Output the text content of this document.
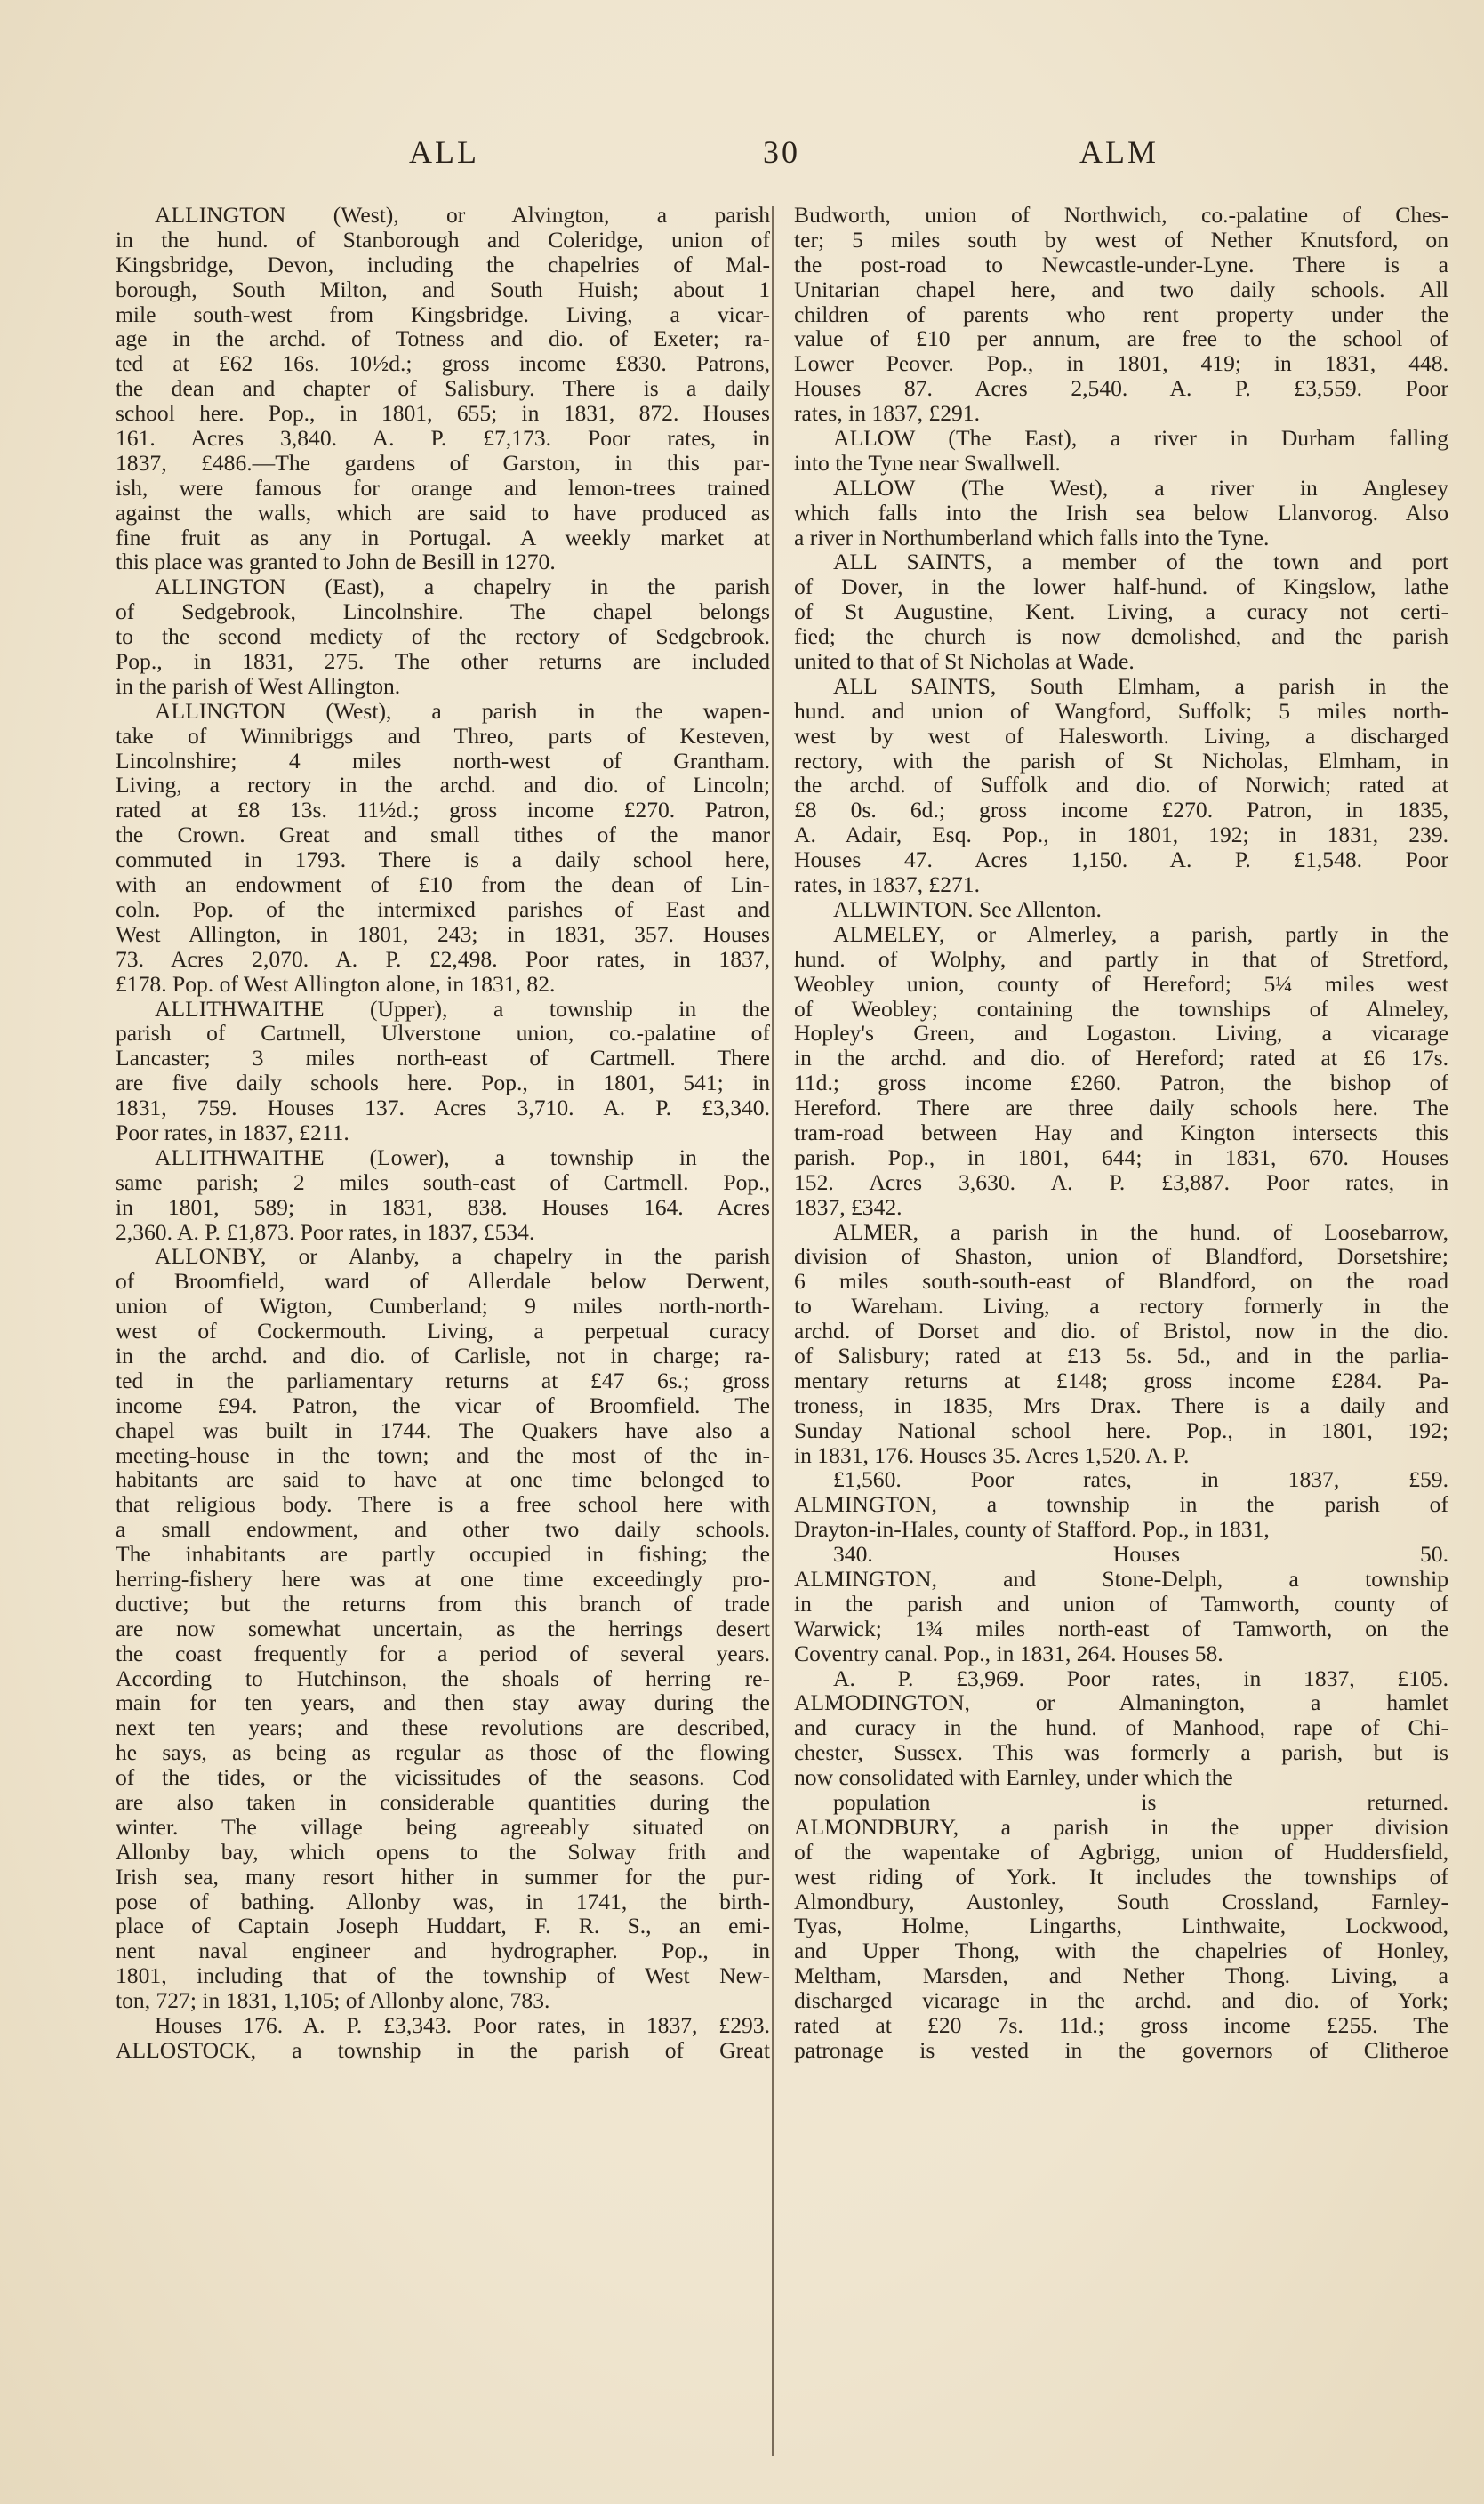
ALL	30	ALM
ALLINGTON (West), or Alvington, a parish
in the hund. of Stanborough and Coleridge, union of
Kingsbridge, Devon, including the chapelries of Mal-
borough, South Milton, and South Huish; about 1
mile south-west from Kingsbridge. Living, a vicar-
age in the archd. of Totness and dio. of Exeter; ra-
ted at £62 16s. 10½d.; gross income £830. Patrons,
the dean and chapter of Salisbury. There is a daily
school here. Pop., in 1801, 655; in 1831, 872. Houses
161. Acres 3,840. A. P. £7,173. Poor rates, in
1837, £486.—The gardens of Garston, in this par-
ish, were famous for orange and lemon-trees trained
against the walls, which are said to have produced as
fine fruit as any in Portugal. A weekly market at
this place was granted to John de Besill in 1270.
ALLINGTON (East), a chapelry in the parish
of Sedgebrook, Lincolnshire. The chapel belongs
to the second mediety of the rectory of Sedgebrook.
Pop., in 1831, 275. The other returns are included
in the parish of West Allington.
ALLINGTON (West), a parish in the wapen-
take of Winnibriggs and Threo, parts of Kesteven,
Lincolnshire; 4 miles north-west of Grantham.
Living, a rectory in the archd. and dio. of Lincoln;
rated at £8 13s. 11½d.; gross income £270. Patron,
the Crown. Great and small tithes of the manor
commuted in 1793. There is a daily school here,
with an endowment of £10 from the dean of Lin-
coln. Pop. of the intermixed parishes of East and
West Allington, in 1801, 243; in 1831, 357. Houses
73. Acres 2,070. A. P. £2,498. Poor rates, in 1837,
£178. Pop. of West Allington alone, in 1831, 82.
ALLITHWAITHE (Upper), a township in the
parish of Cartmell, Ulverstone union, co.-palatine of
Lancaster; 3 miles north-east of Cartmell. There
are five daily schools here. Pop., in 1801, 541; in
1831, 759. Houses 137. Acres 3,710. A. P. £3,340.
Poor rates, in 1837, £211.
ALLITHWAITHE (Lower), a township in the
same parish; 2 miles south-east of Cartmell. Pop.,
in 1801, 589; in 1831, 838. Houses 164. Acres
2,360. A. P. £1,873. Poor rates, in 1837, £534.
ALLONBY, or Alanby, a chapelry in the parish
of Broomfield, ward of Allerdale below Derwent,
union of Wigton, Cumberland; 9 miles north-north-
west of Cockermouth. Living, a perpetual curacy
in the archd. and dio. of Carlisle, not in charge; ra-
ted in the parliamentary returns at £47 6s.; gross
income £94. Patron, the vicar of Broomfield. The
chapel was built in 1744. The Quakers have also a
meeting-house in the town; and the most of the in-
habitants are said to have at one time belonged to
that religious body. There is a free school here with
a small endowment, and other two daily schools.
The inhabitants are partly occupied in fishing; the
herring-fishery here was at one time exceedingly pro-
ductive; but the returns from this branch of trade
are now somewhat uncertain, as the herrings desert
the coast frequently for a period of several years.
According to Hutchinson, the shoals of herring re-
main for ten years, and then stay away during the
next ten years; and these revolutions are described,
he says, as being as regular as those of the flowing
of the tides, or the vicissitudes of the seasons. Cod
are also taken in considerable quantities during the
winter. The village being agreeably situated on
Allonby bay, which opens to the Solway frith and
Irish sea, many resort hither in summer for the pur-
pose of bathing. Allonby was, in 1741, the birth-
place of Captain Joseph Huddart, F. R. S., an emi-
nent naval engineer and hydrographer. Pop., in
1801, including that of the township of West New-
ton, 727; in 1831, 1,105; of Allonby alone, 783.
Houses 176. A. P. £3,343. Poor rates, in 1837, £293.
ALLOSTOCK, a township in the parish of Great
Budworth, union of Northwich, co.-palatine of Ches-
ter; 5 miles south by west of Nether Knutsford, on
the post-road to Newcastle-under-Lyne. There is a
Unitarian chapel here, and two daily schools. All
children of parents who rent property under the
value of £10 per annum, are free to the school of
Lower Peover. Pop., in 1801, 419; in 1831, 448.
Houses 87. Acres 2,540. A. P. £3,559. Poor
rates, in 1837, £291.
ALLOW (The East), a river in Durham falling
into the Tyne near Swallwell.
ALLOW (The West), a river in Anglesey
which falls into the Irish sea below Llanvorog. Also
a river in Northumberland which falls into the Tyne.
ALL SAINTS, a member of the town and port
of Dover, in the lower half-hund. of Kingslow, lathe
of St Augustine, Kent. Living, a curacy not certi-
fied; the church is now demolished, and the parish
united to that of St Nicholas at Wade.
ALL SAINTS, South Elmham, a parish in the
hund. and union of Wangford, Suffolk; 5 miles north-
west by west of Halesworth. Living, a discharged
rectory, with the parish of St Nicholas, Elmham, in
the archd. of Suffolk and dio. of Norwich; rated at
£8 0s. 6d.; gross income £270. Patron, in 1835,
A. Adair, Esq. Pop., in 1801, 192; in 1831, 239.
Houses 47. Acres 1,150. A. P. £1,548. Poor
rates, in 1837, £271.
ALLWINTON. See Allenton.
ALMELEY, or Almerley, a parish, partly in the
hund. of Wolphy, and partly in that of Stretford,
Weobley union, county of Hereford; 5¼ miles west
of Weobley; containing the townships of Almeley,
Hopley's Green, and Logaston. Living, a vicarage
in the archd. and dio. of Hereford; rated at £6 17s.
11d.; gross income £260. Patron, the bishop of
Hereford. There are three daily schools here. The
tram-road between Hay and Kington intersects this
parish. Pop., in 1801, 644; in 1831, 670. Houses
152. Acres 3,630. A. P. £3,887. Poor rates, in
1837, £342.
ALMER, a parish in the hund. of Loosebarrow,
division of Shaston, union of Blandford, Dorsetshire;
6 miles south-south-east of Blandford, on the road
to Wareham. Living, a rectory formerly in the
archd. of Dorset and dio. of Bristol, now in the dio.
of Salisbury; rated at £13 5s. 5d., and in the parlia-
mentary returns at £148; gross income £284. Pa-
troness, in 1835, Mrs Drax. There is a daily and
Sunday National school here. Pop., in 1801, 192;
in 1831, 176. Houses 35. Acres 1,520. A. P.
£1,560. Poor rates, in 1837, £59.
ALMINGTON, a township in the parish of
Drayton-in-Hales, county of Stafford. Pop., in 1831,
340. Houses 50.
ALMINGTON, and Stone-Delph, a township
in the parish and union of Tamworth, county of
Warwick; 1¾ miles north-east of Tamworth, on the
Coventry canal. Pop., in 1831, 264. Houses 58.
A. P. £3,969. Poor rates, in 1837, £105.
ALMODINGTON, or Almanington, a hamlet
and curacy in the hund. of Manhood, rape of Chi-
chester, Sussex. This was formerly a parish, but is
now consolidated with Earnley, under which the
population is returned.
ALMONDBURY, a parish in the upper division
of the wapentake of Agbrigg, union of Huddersfield,
west riding of York. It includes the townships of
Almondbury, Austonley, South Crossland, Farnley-
Tyas, Holme, Lingarths, Linthwaite, Lockwood,
and Upper Thong, with the chapelries of Honley,
Meltham, Marsden, and Nether Thong. Living, a
discharged vicarage in the archd. and dio. of York;
rated at £20 7s. 11d.; gross income £255. The
patronage is vested in the governors of Clitheroe
